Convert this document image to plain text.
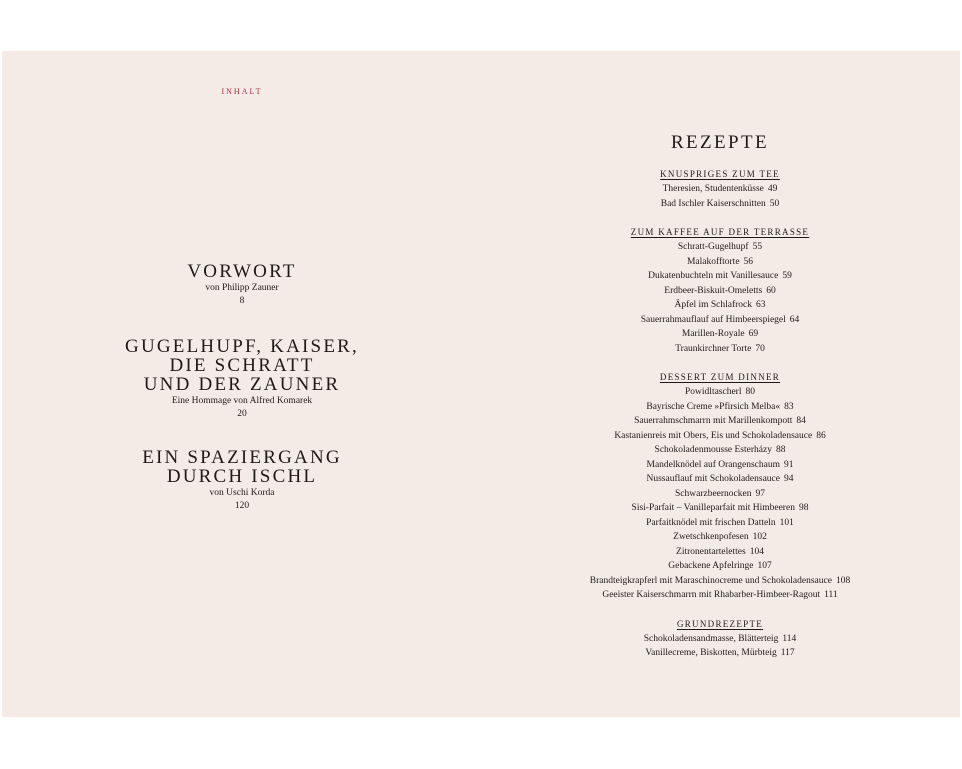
INHALT
VORWORT
von Philipp Zauner
8
GUGELHUPF, KAISER,
DIE SCHRATT
UND DER ZAUNER
Eine Hommage von Alfred Komarek
20
EIN SPAZIERGANG
DURCH ISCHL
von Uschi Korda
120
REZEPTE
KNUSPRIGES ZUM TEE
Theresien, Studentenküsse 49
Bad Ischler Kaiserschnitten 50
ZUM KAFFEE AUF DER TERRASSE
Schratt-Gugelhupf 55
Malakofftorte 56
Dukatenbuchteln mit Vanillesauce 59
Erdbeer-Biskuit-Omeletts 60
Äpfel im Schlafrock 63
Sauerrahmauflauf auf Himbeerspiegel 64
Marillen-Royale 69
Traunkirchner Torte 70
DESSERT ZUM DINNER
Powidltascherl 80
Bayrische Creme »Pfirsich Melba« 83
Sauerrahmschmarrn mit Marillenkompott 84
Kastanienreis mit Obers, Eis und Schokoladensauce 86
Schokoladenmousse Esterházy 88
Mandelknödel auf Orangenschaum 91
Nussauflauf mit Schokoladensauce 94
Schwarzbeernocken 97
Sisi-Parfait – Vanilleparfait mit Himbeeren 98
Parfaitknödel mit frischen Datteln 101
Zwetschkenpofesen 102
Zitronentartelettes 104
Gebackene Apfelringe 107
Brandteigkrapferl mit Maraschinocreme und Schokoladensauce 108
Geeister Kaiserschmarrn mit Rhabarber-Himbeer-Ragout 111
GRUNDREZEPTE
Schokoladensandmasse, Blätterteig 114
Vanillecreme, Biskotten, Mürbteig 117
